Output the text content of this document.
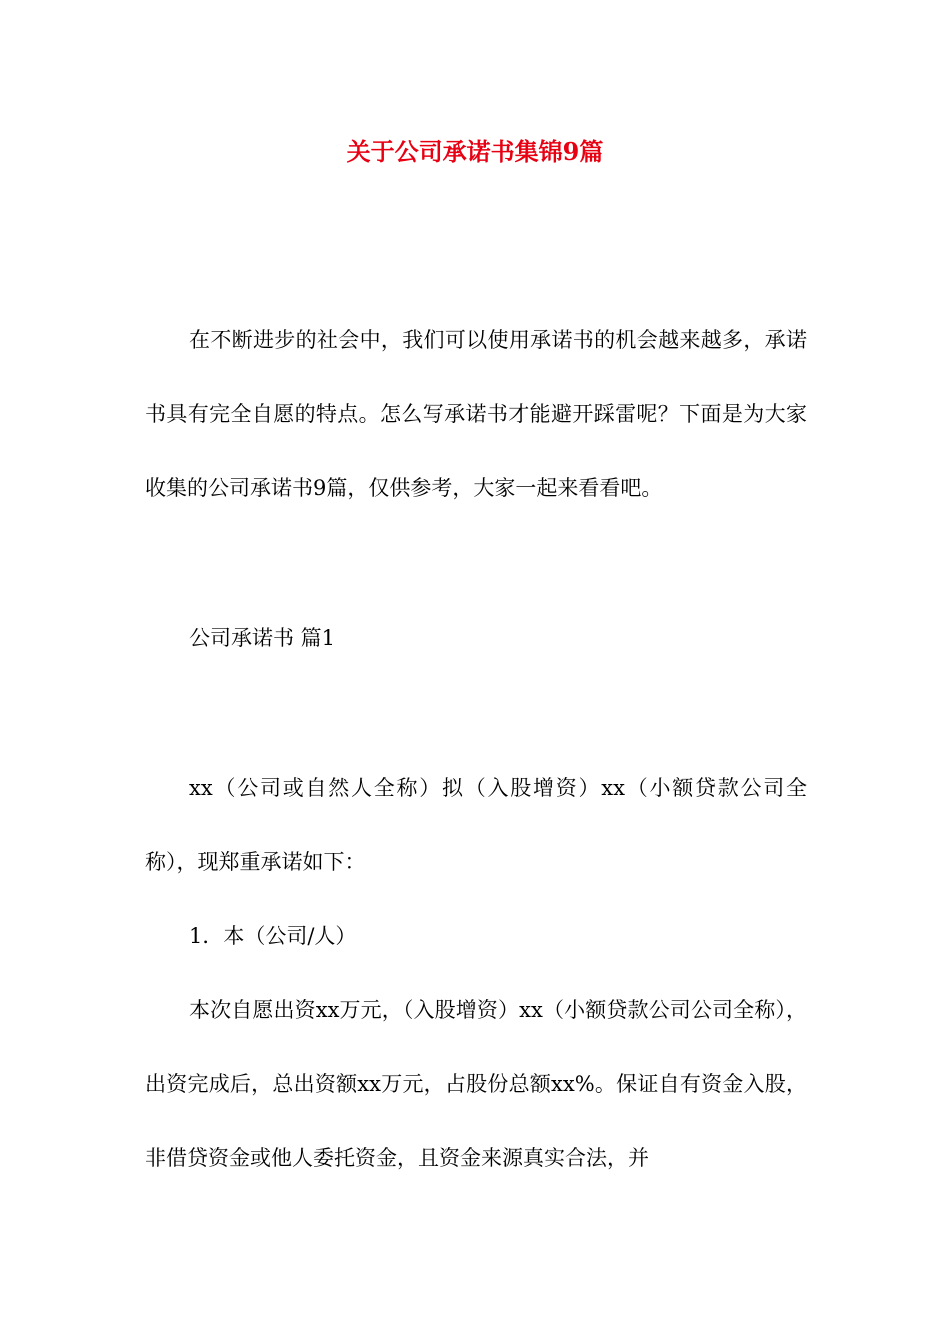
关于公司承诺书集锦9篇

在不断进步的社会中，我们可以使用承诺书的机会越来越多，承诺书具有完全自愿的特点。怎么写承诺书才能避开踩雷呢？下面是为大家收集的公司承诺书9篇，仅供参考，大家一起来看看吧。

公司承诺书 篇1

xx（公司或自然人全称）拟（入股增资）xx（小额贷款公司全称），现郑重承诺如下：

1．本（公司/人）

本次自愿出资xx万元，（入股增资）xx（小额贷款公司公司全称），出资完成后，总出资额xx万元，占股份总额xx%。保证自有资金入股，非借贷资金或他人委托资金，且资金来源真实合法，并
